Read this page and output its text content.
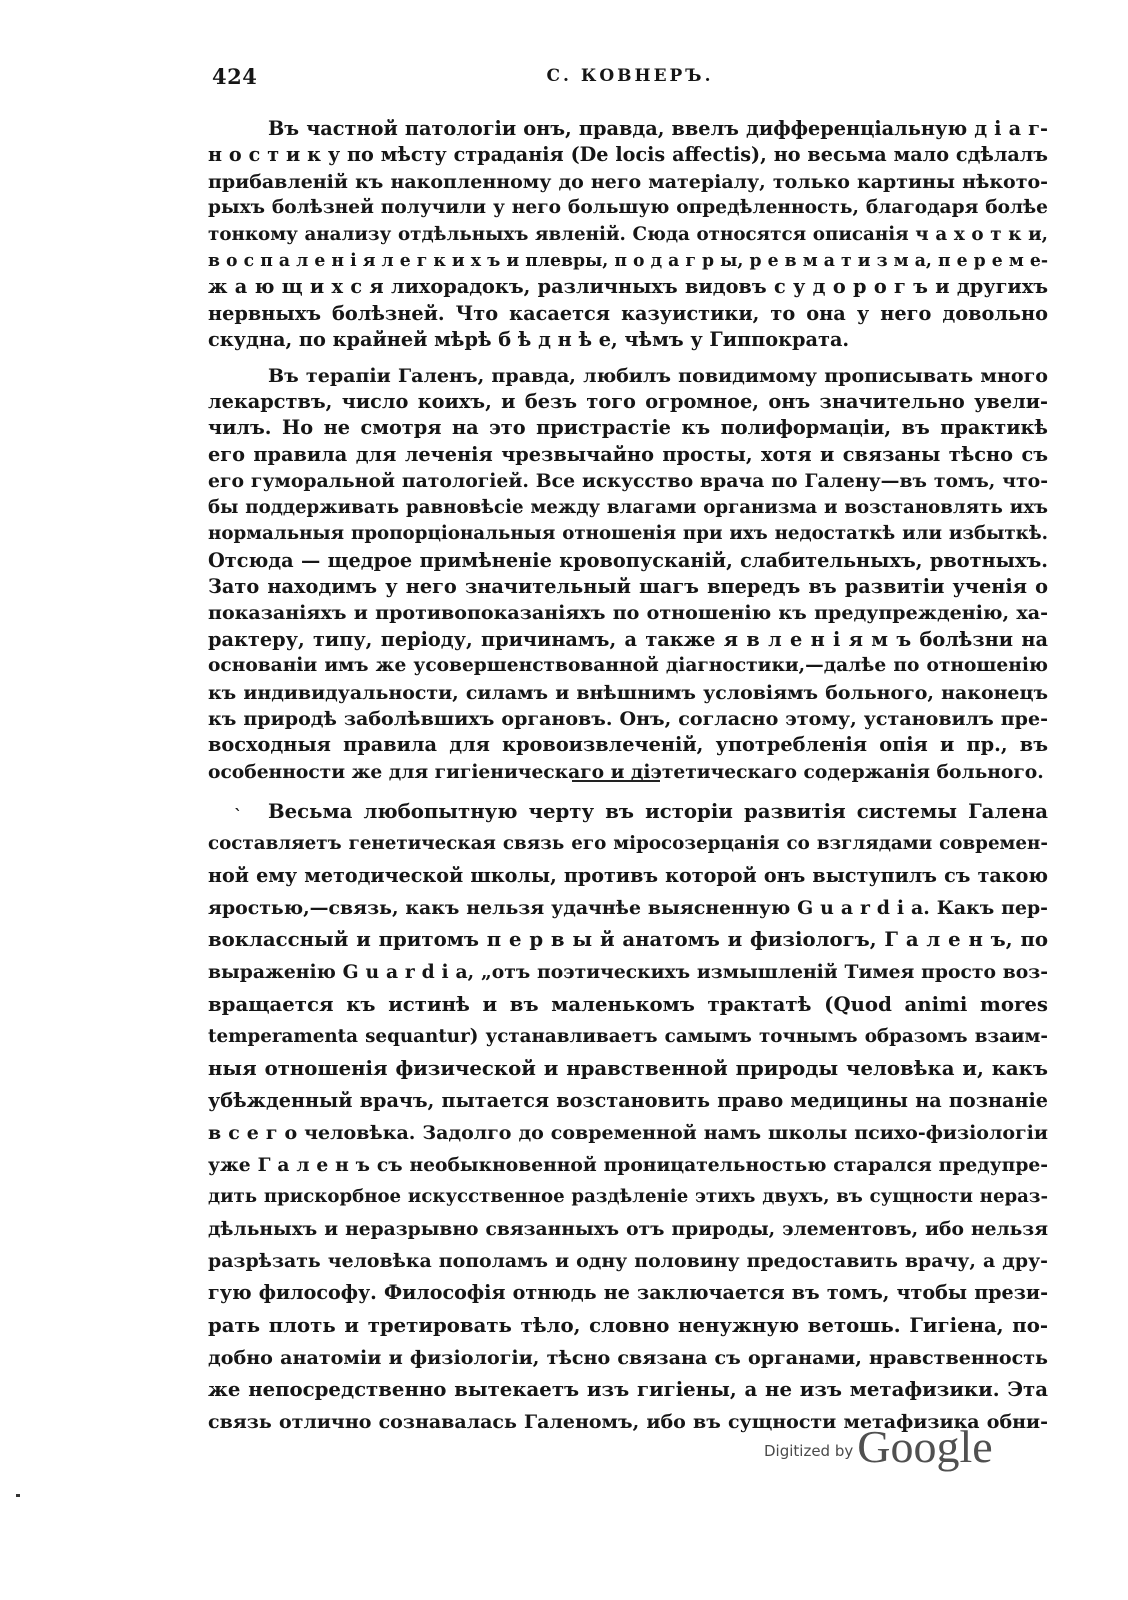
424	С. КОВНЕРЪ.

Въ частной патологіи онъ, правда, ввелъ дифференціальную д і а г-
н о с т и к у по мѣсту страданія (De locis affectis), но весьма мало сдѣлалъ
прибавленій къ накопленному до него матеріалу, только картины нѣкото-
рыхъ болѣзней получили у него большую опредѣленность, благодаря болѣе
тонкому анализу отдѣльныхъ явленій. Сюда относятся описанія ч а х о т к и,
в о с п а л е н і я л е г к и х ъ и плевры, п о д а г р ы, р е в м а т и з м а, п е р е м е-
ж а ю щ и х с я лихорадокъ, различныхъ видовъ с у д о р о г ъ и другихъ
нервныхъ болѣзней. Что касается казуистики, то она у него довольно
скудна, по крайней мѣрѣ б ѣ д н ѣ е, чѣмъ у Гиппократа.

Въ терапіи Галенъ, правда, любилъ повидимому прописывать много
лекарствъ, число коихъ, и безъ того огромное, онъ значительно увели-
чилъ. Но не смотря на это пристрастіе къ полиформаціи, въ практикѣ
его правила для леченія чрезвычайно просты, хотя и связаны тѣсно съ
его гуморальной патологіей. Все искусство врача по Галену—въ томъ, что-
бы поддерживать равновѣсіе между влагами организма и возстановлять ихъ
нормальныя пропорціональныя отношенія при ихъ недостаткѣ или избыткѣ.
Отсюда — щедрое примѣненіе кровопусканій, слабительныхъ, рвотныхъ.
Зато находимъ у него значительный шагъ впередъ въ развитіи ученія о
показаніяхъ и противопоказаніяхъ по отношенію къ предупрежденію, ха-
рактеру, типу, періоду, причинамъ, а также я в л е н і я м ъ болѣзни на
основаніи имъ же усовершенствованной діагностики,—далѣе по отношенію
къ индивидуальности, силамъ и внѣшнимъ условіямъ больного, наконецъ
къ природѣ заболѣвшихъ органовъ. Онъ, согласно этому, установилъ пре-
восходныя правила для кровоизвлеченій, употребленія опія и пр., въ
особенности же для гигіеническаго и діэтетическаго содержанія больного.

`	Весьма любопытную черту въ исторіи развитія системы Галена
составляетъ генетическая связь его міросозерцанія со взглядами современ-
ной ему методической школы, противъ которой онъ выступилъ съ такою
яростью,—связь, какъ нельзя удачнѣе выясненную G u a r d i a. Какъ пер-
воклассный и притомъ п е р в ы й анатомъ и физіологъ, Г а л е н ъ, по
выраженію G u a r d i a, „отъ поэтическихъ измышленій Тимея просто воз-
вращается къ истинѣ и въ маленькомъ трактатѣ (Quod animi mores
temperamenta sequantur) устанавливаетъ самымъ точнымъ образомъ взаим-
ныя отношенія физической и нравственной природы человѣка и, какъ
убѣжденный врачъ, пытается возстановить право медицины на познаніе
в с е г о человѣка. Задолго до современной намъ школы психо-физіологіи
уже Г а л е н ъ съ необыкновенной проницательностью старался предупре-
дить прискорбное искусственное раздѣленіе этихъ двухъ, въ сущности нераз-
дѣльныхъ и неразрывно связанныхъ отъ природы, элементовъ, ибо нельзя
разрѣзать человѣка пополамъ и одну половину предоставить врачу, а дру-
гую философу. Философія отнюдь не заключается въ томъ, чтобы прези-
рать плоть и третировать тѣло, словно ненужную ветошь. Гигіена, по-
добно анатоміи и физіологіи, тѣсно связана съ органами, нравственность
же непосредственно вытекаетъ изъ гигіены, а не изъ метафизики. Эта
связь отлично сознавалась Галеномъ, ибо въ сущности метафизика обни-

Digitized byGoogle
